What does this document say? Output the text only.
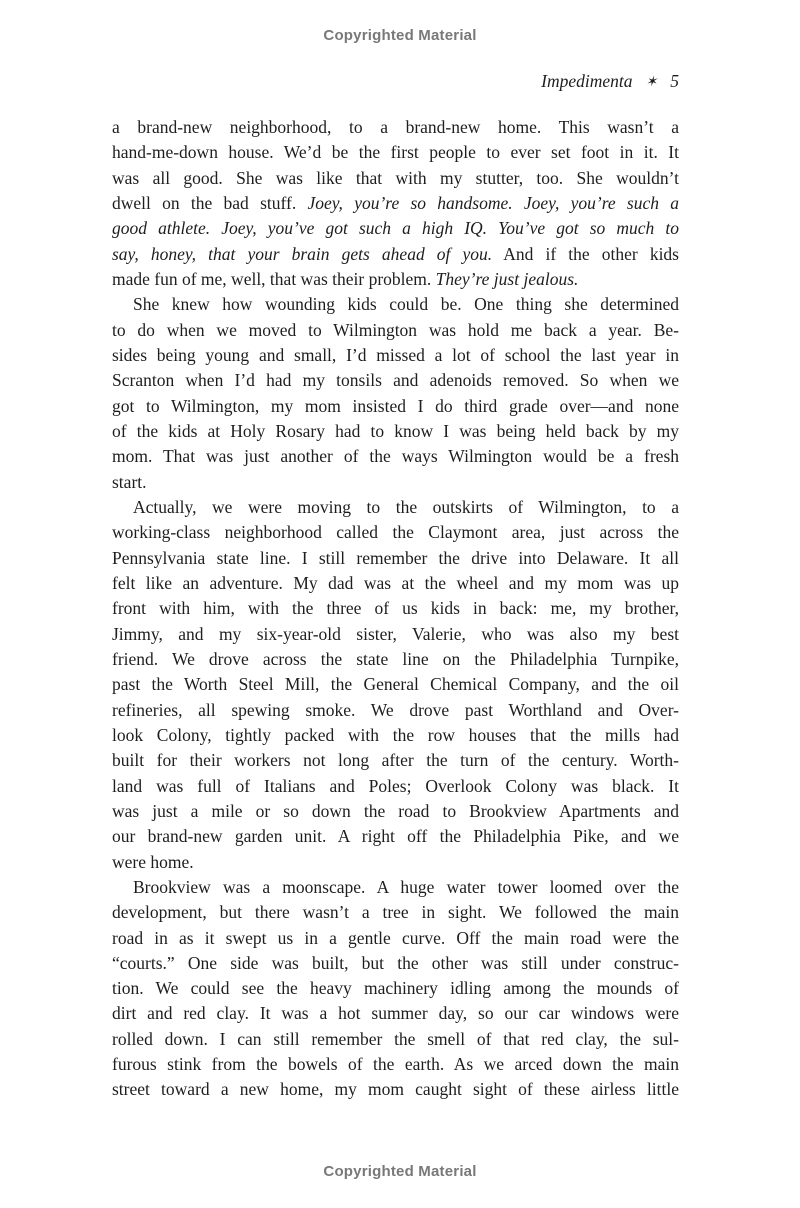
Copyrighted Material
Impedimenta ✶ 5
a brand-new neighborhood, to a brand-new home. This wasn’t a
hand-me-down house. We’d be the first people to ever set foot in it. It
was all good. She was like that with my stutter, too. She wouldn’t
dwell on the bad stuff. Joey, you’re so handsome. Joey, you’re such a
good athlete. Joey, you’ve got such a high IQ. You’ve got so much to
say, honey, that your brain gets ahead of you. And if the other kids
made fun of me, well, that was their problem. They’re just jealous.
She knew how wounding kids could be. One thing she determined
to do when we moved to Wilmington was hold me back a year. Be-
sides being young and small, I’d missed a lot of school the last year in
Scranton when I’d had my tonsils and adenoids removed. So when we
got to Wilmington, my mom insisted I do third grade over—and none
of the kids at Holy Rosary had to know I was being held back by my
mom. That was just another of the ways Wilmington would be a fresh
start.
Actually, we were moving to the outskirts of Wilmington, to a
working-class neighborhood called the Claymont area, just across the
Pennsylvania state line. I still remember the drive into Delaware. It all
felt like an adventure. My dad was at the wheel and my mom was up
front with him, with the three of us kids in back: me, my brother,
Jimmy, and my six-year-old sister, Valerie, who was also my best
friend. We drove across the state line on the Philadelphia Turnpike,
past the Worth Steel Mill, the General Chemical Company, and the oil
refineries, all spewing smoke. We drove past Worthland and Over-
look Colony, tightly packed with the row houses that the mills had
built for their workers not long after the turn of the century. Worth-
land was full of Italians and Poles; Overlook Colony was black. It
was just a mile or so down the road to Brookview Apartments and
our brand-new garden unit. A right off the Philadelphia Pike, and we
were home.
Brookview was a moonscape. A huge water tower loomed over the
development, but there wasn’t a tree in sight. We followed the main
road in as it swept us in a gentle curve. Off the main road were the
“courts.” One side was built, but the other was still under construc-
tion. We could see the heavy machinery idling among the mounds of
dirt and red clay. It was a hot summer day, so our car windows were
rolled down. I can still remember the smell of that red clay, the sul-
furous stink from the bowels of the earth. As we arced down the main
street toward a new home, my mom caught sight of these airless little
Copyrighted Material
